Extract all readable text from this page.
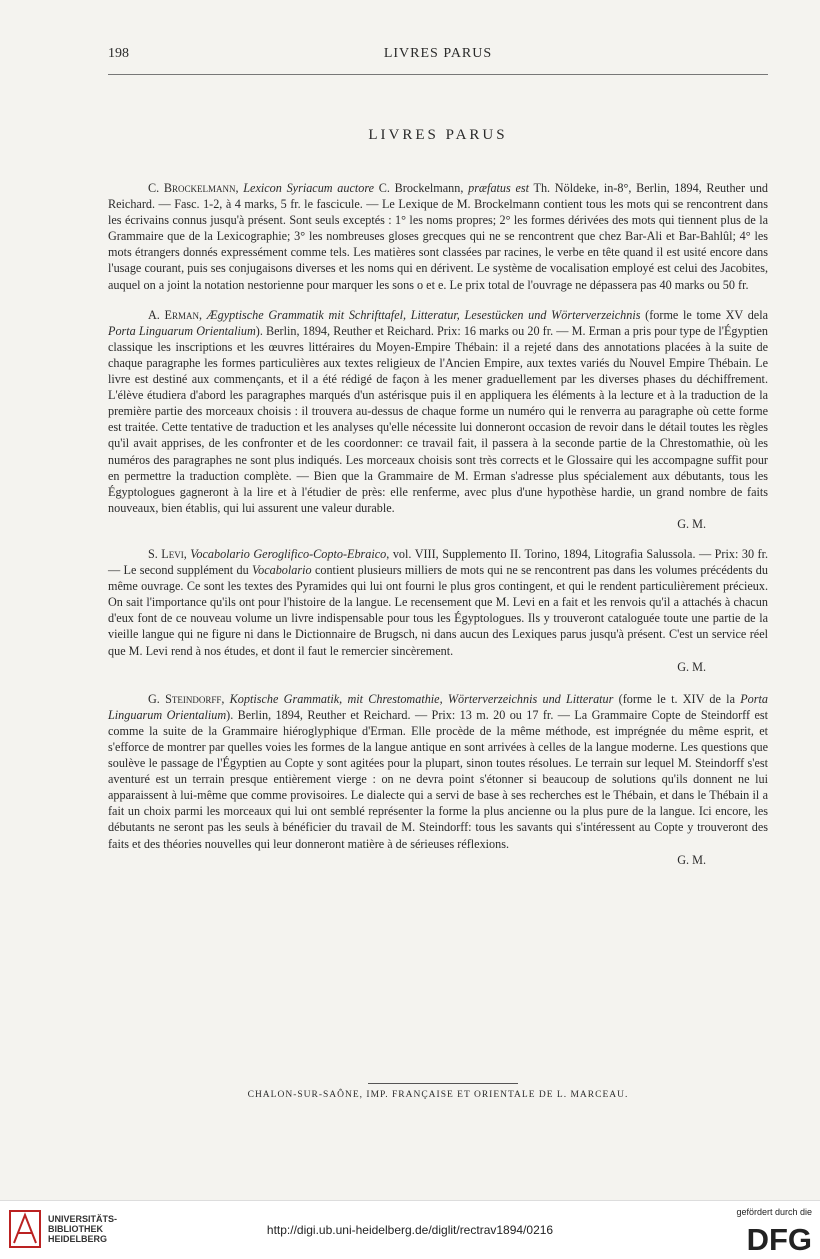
198	LIVRES PARUS
LIVRES PARUS

C. Brockelmann, Lexicon Syriacum auctore C. Brockelmann, præfatus est Th. Nöldeke, in-8°, Berlin, 1894, Reuther und Reichard. — Fasc. 1-2, à 4 marks, 5 fr. le fascicule. — Le Lexique de M. Brockelmann contient tous les mots qui se rencontrent dans les écrivains connus jusqu'à présent. Sont seuls exceptés : 1° les noms propres; 2° les formes dérivées des mots qui tiennent plus de la Grammaire que de la Lexicographie; 3° les nombreuses gloses grecques qui ne se rencontrent que chez Bar-Ali et Bar-Bahlûl; 4° les mots étrangers donnés expressément comme tels. Les matières sont classées par racines, le verbe en tête quand il est usité encore dans l'usage courant, puis ses conjugaisons diverses et les noms qui en dérivent. Le système de vocalisation employé est celui des Jacobites, auquel on a joint la notation nestorienne pour marquer les sons o et e. Le prix total de l'ouvrage ne dépassera pas 40 marks ou 50 fr.

A. Erman, Ægyptische Grammatik mit Schrifttafel, Litteratur, Lesestücken und Wörterverzeichnis (forme le tome XV dela Porta Linguarum Orientalium). Berlin, 1894, Reuther et Reichard. Prix: 16 marks ou 20 fr. — M. Erman a pris pour type de l'Égyptien classique les inscriptions et les œuvres littéraires du Moyen-Empire Thébain: il a rejeté dans des annotations placées à la suite de chaque paragraphe les formes particulières aux textes religieux de l'Ancien Empire, aux textes variés du Nouvel Empire Thébain. Le livre est destiné aux commençants, et il a été rédigé de façon à les mener graduellement par les diverses phases du déchiffrement. L'élève étudiera d'abord les paragraphes marqués d'un astérisque puis il en appliquera les éléments à la lecture et à la traduction de la première partie des morceaux choisis : il trouvera au-dessus de chaque forme un numéro qui le renverra au paragraphe où cette forme est traitée. Cette tentative de traduction et les analyses qu'elle nécessite lui donneront occasion de revoir dans le détail toutes les règles qu'il avait apprises, de les confronter et de les coordonner: ce travail fait, il passera à la seconde partie de la Chrestomathie, où les numéros des paragraphes ne sont plus indiqués. Les morceaux choisis sont très corrects et le Glossaire qui les accompagne suffit pour en permettre la traduction complète. — Bien que la Grammaire de M. Erman s'adresse plus spécialement aux débutants, tous les Égyptologues gagneront à la lire et à l'étudier de près: elle renferme, avec plus d'une hypothèse hardie, un grand nombre de faits nouveaux, bien établis, qui lui assurent une valeur durable.

G. M.

S. Levi, Vocabolario Geroglifico-Copto-Ebraico, vol. VIII, Supplemento II. Torino, 1894, Litografia Salussola. — Prix: 30 fr. — Le second supplément du Vocabolario contient plusieurs milliers de mots qui ne se rencontrent pas dans les volumes précédents du même ouvrage. Ce sont les textes des Pyramides qui lui ont fourni le plus gros contingent, et qui le rendent particulièrement précieux. On sait l'importance qu'ils ont pour l'histoire de la langue. Le recensement que M. Levi en a fait et les renvois qu'il a attachés à chacun d'eux font de ce nouveau volume un livre indispensable pour tous les Égyptologues. Ils y trouveront cataloguée toute une partie de la vieille langue qui ne figure ni dans le Dictionnaire de Brugsch, ni dans aucun des Lexiques parus jusqu'à présent. C'est un service réel que M. Levi rend à nos études, et dont il faut le remercier sincèrement.

G. M.

G. Steindorff, Koptische Grammatik, mit Chrestomathie, Wörterverzeichnis und Litteratur (forme le t. XIV de la Porta Linguarum Orientalium). Berlin, 1894, Reuther et Reichard. — Prix: 13 m. 20 ou 17 fr. — La Grammaire Copte de Steindorff est comme la suite de la Grammaire hiéroglyphique d'Erman. Elle procède de la même méthode, est imprégnée du même esprit, et s'efforce de montrer par quelles voies les formes de la langue antique en sont arrivées à celles de la langue moderne. Les questions que soulève le passage de l'Égyptien au Copte y sont agitées pour la plupart, sinon toutes résolues. Le terrain sur lequel M. Steindorff s'est aventuré est un terrain presque entièrement vierge : on ne devra point s'étonner si beaucoup de solutions qu'ils donnent ne lui apparaissent à lui-même que comme provisoires. Le dialecte qui a servi de base à ses recherches est le Thébain, et dans le Thébain il a fait un choix parmi les morceaux qui lui ont semblé représenter la forme la plus ancienne ou la plus pure de la langue. Ici encore, les débutants ne seront pas les seuls à bénéficier du travail de M. Steindorff: tous les savants qui s'intéressent au Copte y trouveront des faits et des théories nouvelles qui leur donneront matière à de sérieuses réflexions.

G. M.

CHALON-SUR-SAÔNE, IMP. FRANÇAISE ET ORIENTALE DE L. MARCEAU.
UNIVERSITÄTS-
BIBLIOTHEK
HEIDELBERG
http://digi.ub.uni-heidelberg.de/diglit/rectrav1894/0216
gefördert durch die
DFG
